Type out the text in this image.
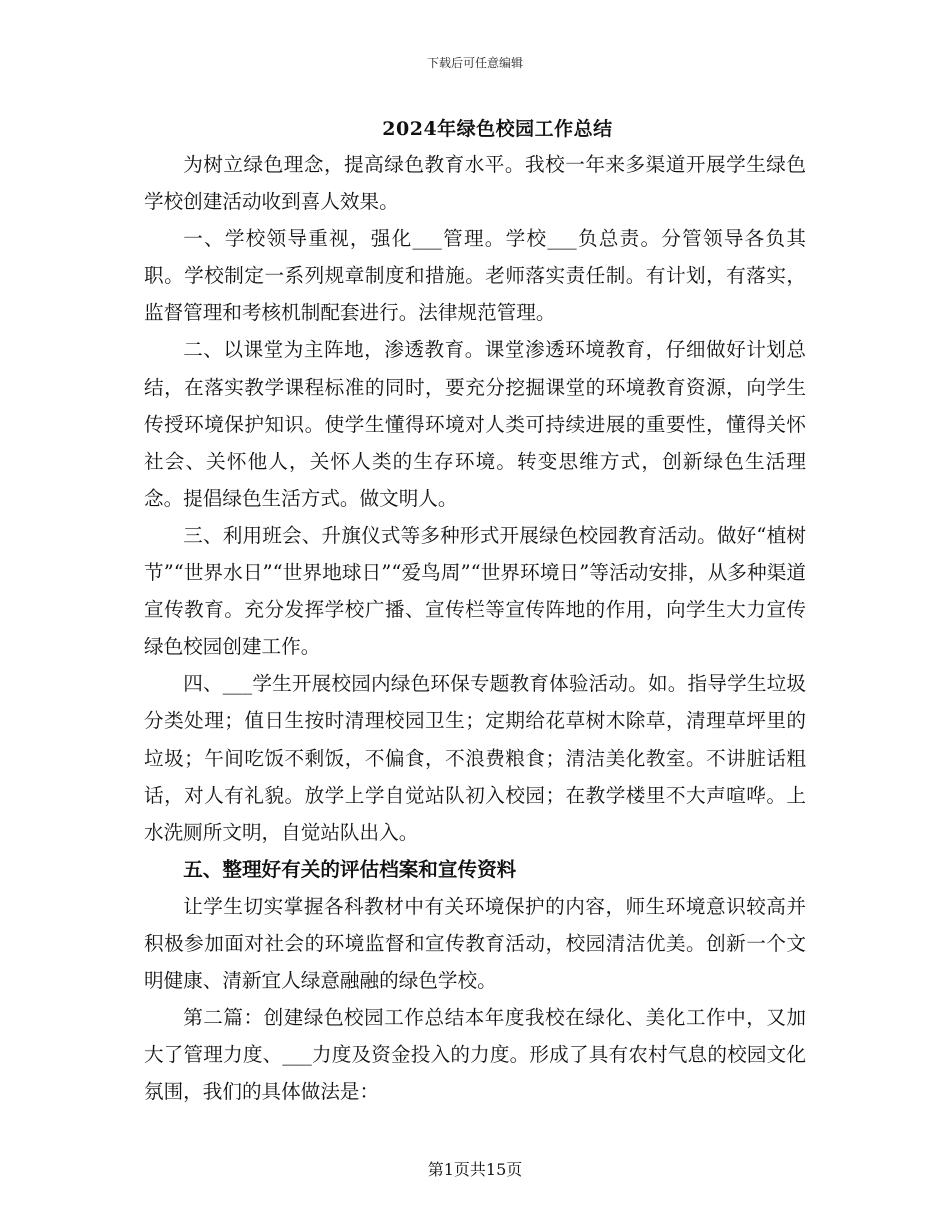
下载后可任意编辑
2024年绿色校园工作总结

为树立绿色理念，提高绿色教育水平。我校一年来多渠道开展学生绿色学校创建活动收到喜人效果。

一、学校领导重视，强化___管理。学校___负总责。分管领导各负其职。学校制定一系列规章制度和措施。老师落实责任制。有计划，有落实，监督管理和考核机制配套进行。法律规范管理。

二、以课堂为主阵地，渗透教育。课堂渗透环境教育，仔细做好计划总结，在落实教学课程标准的同时，要充分挖掘课堂的环境教育资源，向学生传授环境保护知识。使学生懂得环境对人类可持续进展的重要性，懂得关怀社会、关怀他人，关怀人类的生存环境。转变思维方式，创新绿色生活理念。提倡绿色生活方式。做文明人。

三、利用班会、升旗仪式等多种形式开展绿色校园教育活动。做好“植树节”“世界水日”“世界地球日”“爱鸟周”“世界环境日”等活动安排，从多种渠道宣传教育。充分发挥学校广播、宣传栏等宣传阵地的作用，向学生大力宣传绿色校园创建工作。

四、___学生开展校园内绿色环保专题教育体验活动。如。指导学生垃圾分类处理；值日生按时清理校园卫生；定期给花草树木除草，清理草坪里的垃圾；午间吃饭不剩饭，不偏食，不浪费粮食；清洁美化教室。不讲脏话粗话，对人有礼貌。放学上学自觉站队初入校园；在教学楼里不大声喧哗。上水洗厕所文明，自觉站队出入。

五、整理好有关的评估档案和宣传资料

让学生切实掌握各科教材中有关环境保护的内容，师生环境意识较高并积极参加面对社会的环境监督和宣传教育活动，校园清洁优美。创新一个文明健康、清新宜人绿意融融的绿色学校。

第二篇：创建绿色校园工作总结本年度我校在绿化、美化工作中，又加大了管理力度、___力度及资金投入的力度。形成了具有农村气息的校园文化氛围，我们的具体做法是：

第1页共15页
